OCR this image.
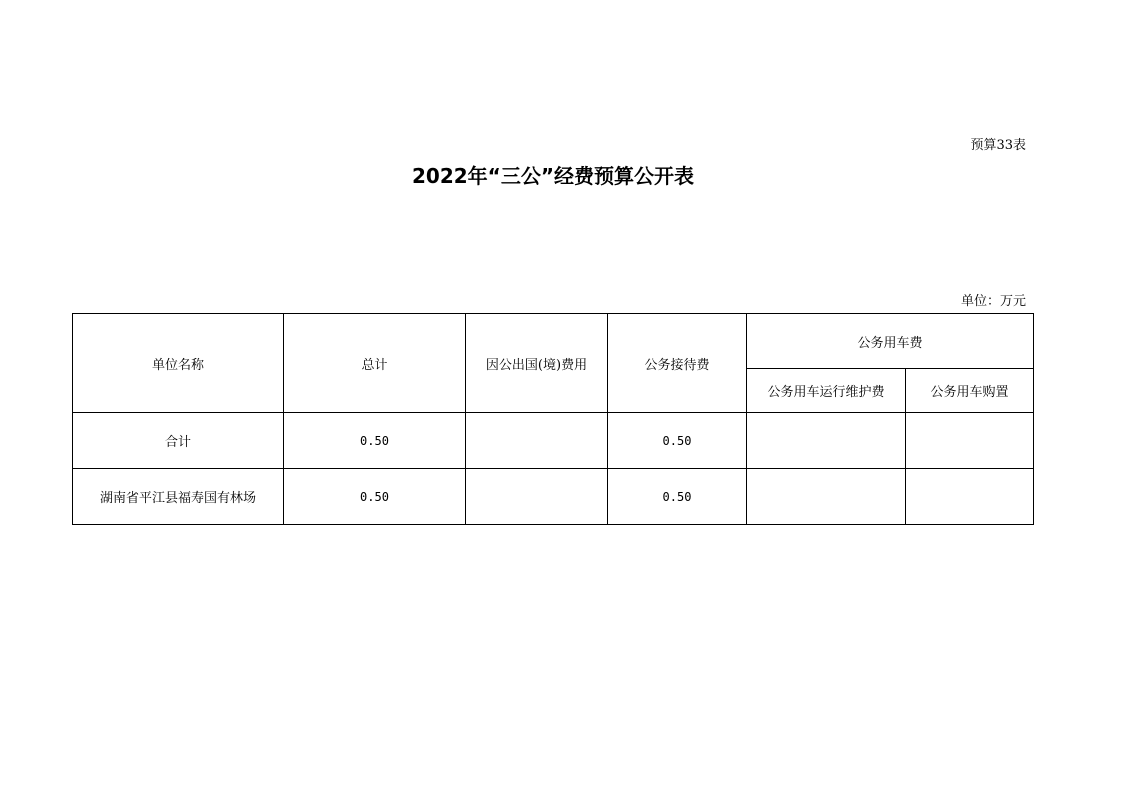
预算33表
2022年“三公”经费预算公开表
单位：万元
单位名称	总计	因公出国(境)费用	公务接待费	公务用车费	
				公务用车运行维护费	公务用车购置
合计	0.50		0.50		
湖南省平江县福寿国有林场	0.50		0.50		
